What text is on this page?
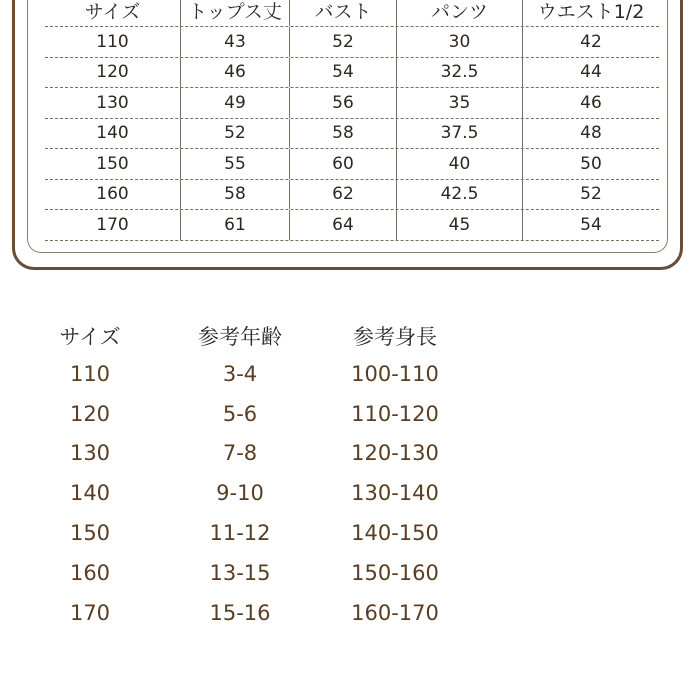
サイズ	トップス丈	バスト	パンツ	ウエスト1/2
110	43	52	30	42
120	46	54	32.5	44
130	49	56	35	46
140	52	58	37.5	48
150	55	60	40	50
160	58	62	42.5	52
170	61	64	45	54
サイズ	参考年齢	参考身長
110	3-4	100-110
120	5-6	110-120
130	7-8	120-130
140	9-10	130-140
150	11-12	140-150
160	13-15	150-160
170	15-16	160-170
